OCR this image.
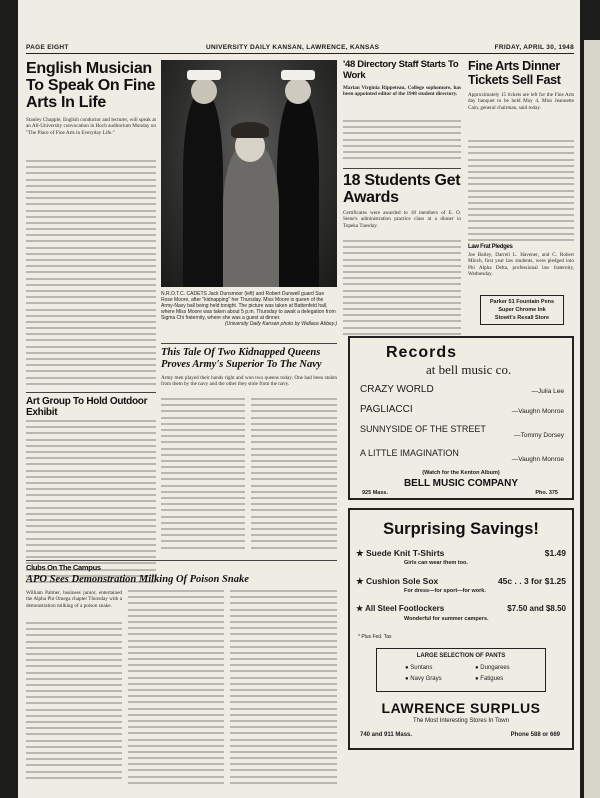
English Musician To Speak On Fine Arts In Life

Stanley Chapple, English conductor and lecturer, will speak at an All-University convocation in Hoch auditorium Monday on "The Place of Fine Arts in Everyday Life."

Art Group To Hold Outdoor Exhibit

N.R.O.T.C. CADETS Jack Dunsmoor (left) and Robert Dunwell guard Sue Rose Moore, after "kidnapping" her Thursday. Miss Moore is queen of the Army-Navy ball being held tonight. The picture was taken at Battenfeld hall, where Miss Moore was taken about 5 p.m. Thursday to await a delegation from Sigma Chi fraternity, where she was a guest at dinner.

(University Daily Kansan photo by Wallace Abbey.)

This Tale Of Two Kidnapped Queens Proves Army's Superior To The Navy

Army men played their hands right and won two queens today. One had been stolen from them by the navy and the other they stole from the navy.

Clubs On The Campus
APO Sees Demonstration Milking Of Poison Snake

William Palmer, business junior, entertained the Alpha Phi Omega chapter Thursday with a demonstration milking of a poison snake.

'48 Directory Staff Starts To Work

Marian Virginia Rippeteau, College sophomore, has been appointed editor of the 1948 student directory.

18 Students Get Awards

Certificates were awarded to 18 members of E. O. Stene's administration practice class at a dinner in Topeka Tuesday.

Fine Arts Dinner Tickets Sell Fast

Approximately 15 tickets are left for the Fine Arts day banquet to be held May 4, Miss Jeannette Cain, general chairman, said today.

Law Frat Pledges

Joe Bailey, Darrell L. Havener, and C. Robert Minch, first year law students, were pledged into Phi Alpha Delta, professional law fraternity, Wednesday.

Parker 51 Fountain Pens
Super Chrome Ink
Stowit's Rexall Store
Records
at bell music co.
CRAZY WORLD	—Julia Lee
PAGLIACCI	—Vaughn Monroe
SUNNYSIDE OF THE STREET
—Tommy Dorsey
A LITTLE IMAGINATION
—Vaughn Monroe
(Watch for the Kenton Album)
BELL MUSIC COMPANY
925 Mass.	Pho. 375
Surprising Savings!
★ Suede Knit T-Shirts	$1.49
Girls can wear them too.
★ Cushion Sole Sox	45c . . 3 for $1.25
For dress—for sport—for work.
★ All Steel Footlockers	$7.50 and $8.50
Wonderful for summer campers.
* Plus Fed. Tax
LARGE SELECTION OF PANTS
● Suntans	● Dungarees
● Navy Grays	● Fatigues
LAWRENCE SURPLUS
The Most Interesting Stores In Town
740 and 911 Mass.	Phone 588 or 669
PAGE EIGHT	UNIVERSITY DAILY KANSAN, LAWRENCE, KANSAS	FRIDAY, APRIL 30, 1948
